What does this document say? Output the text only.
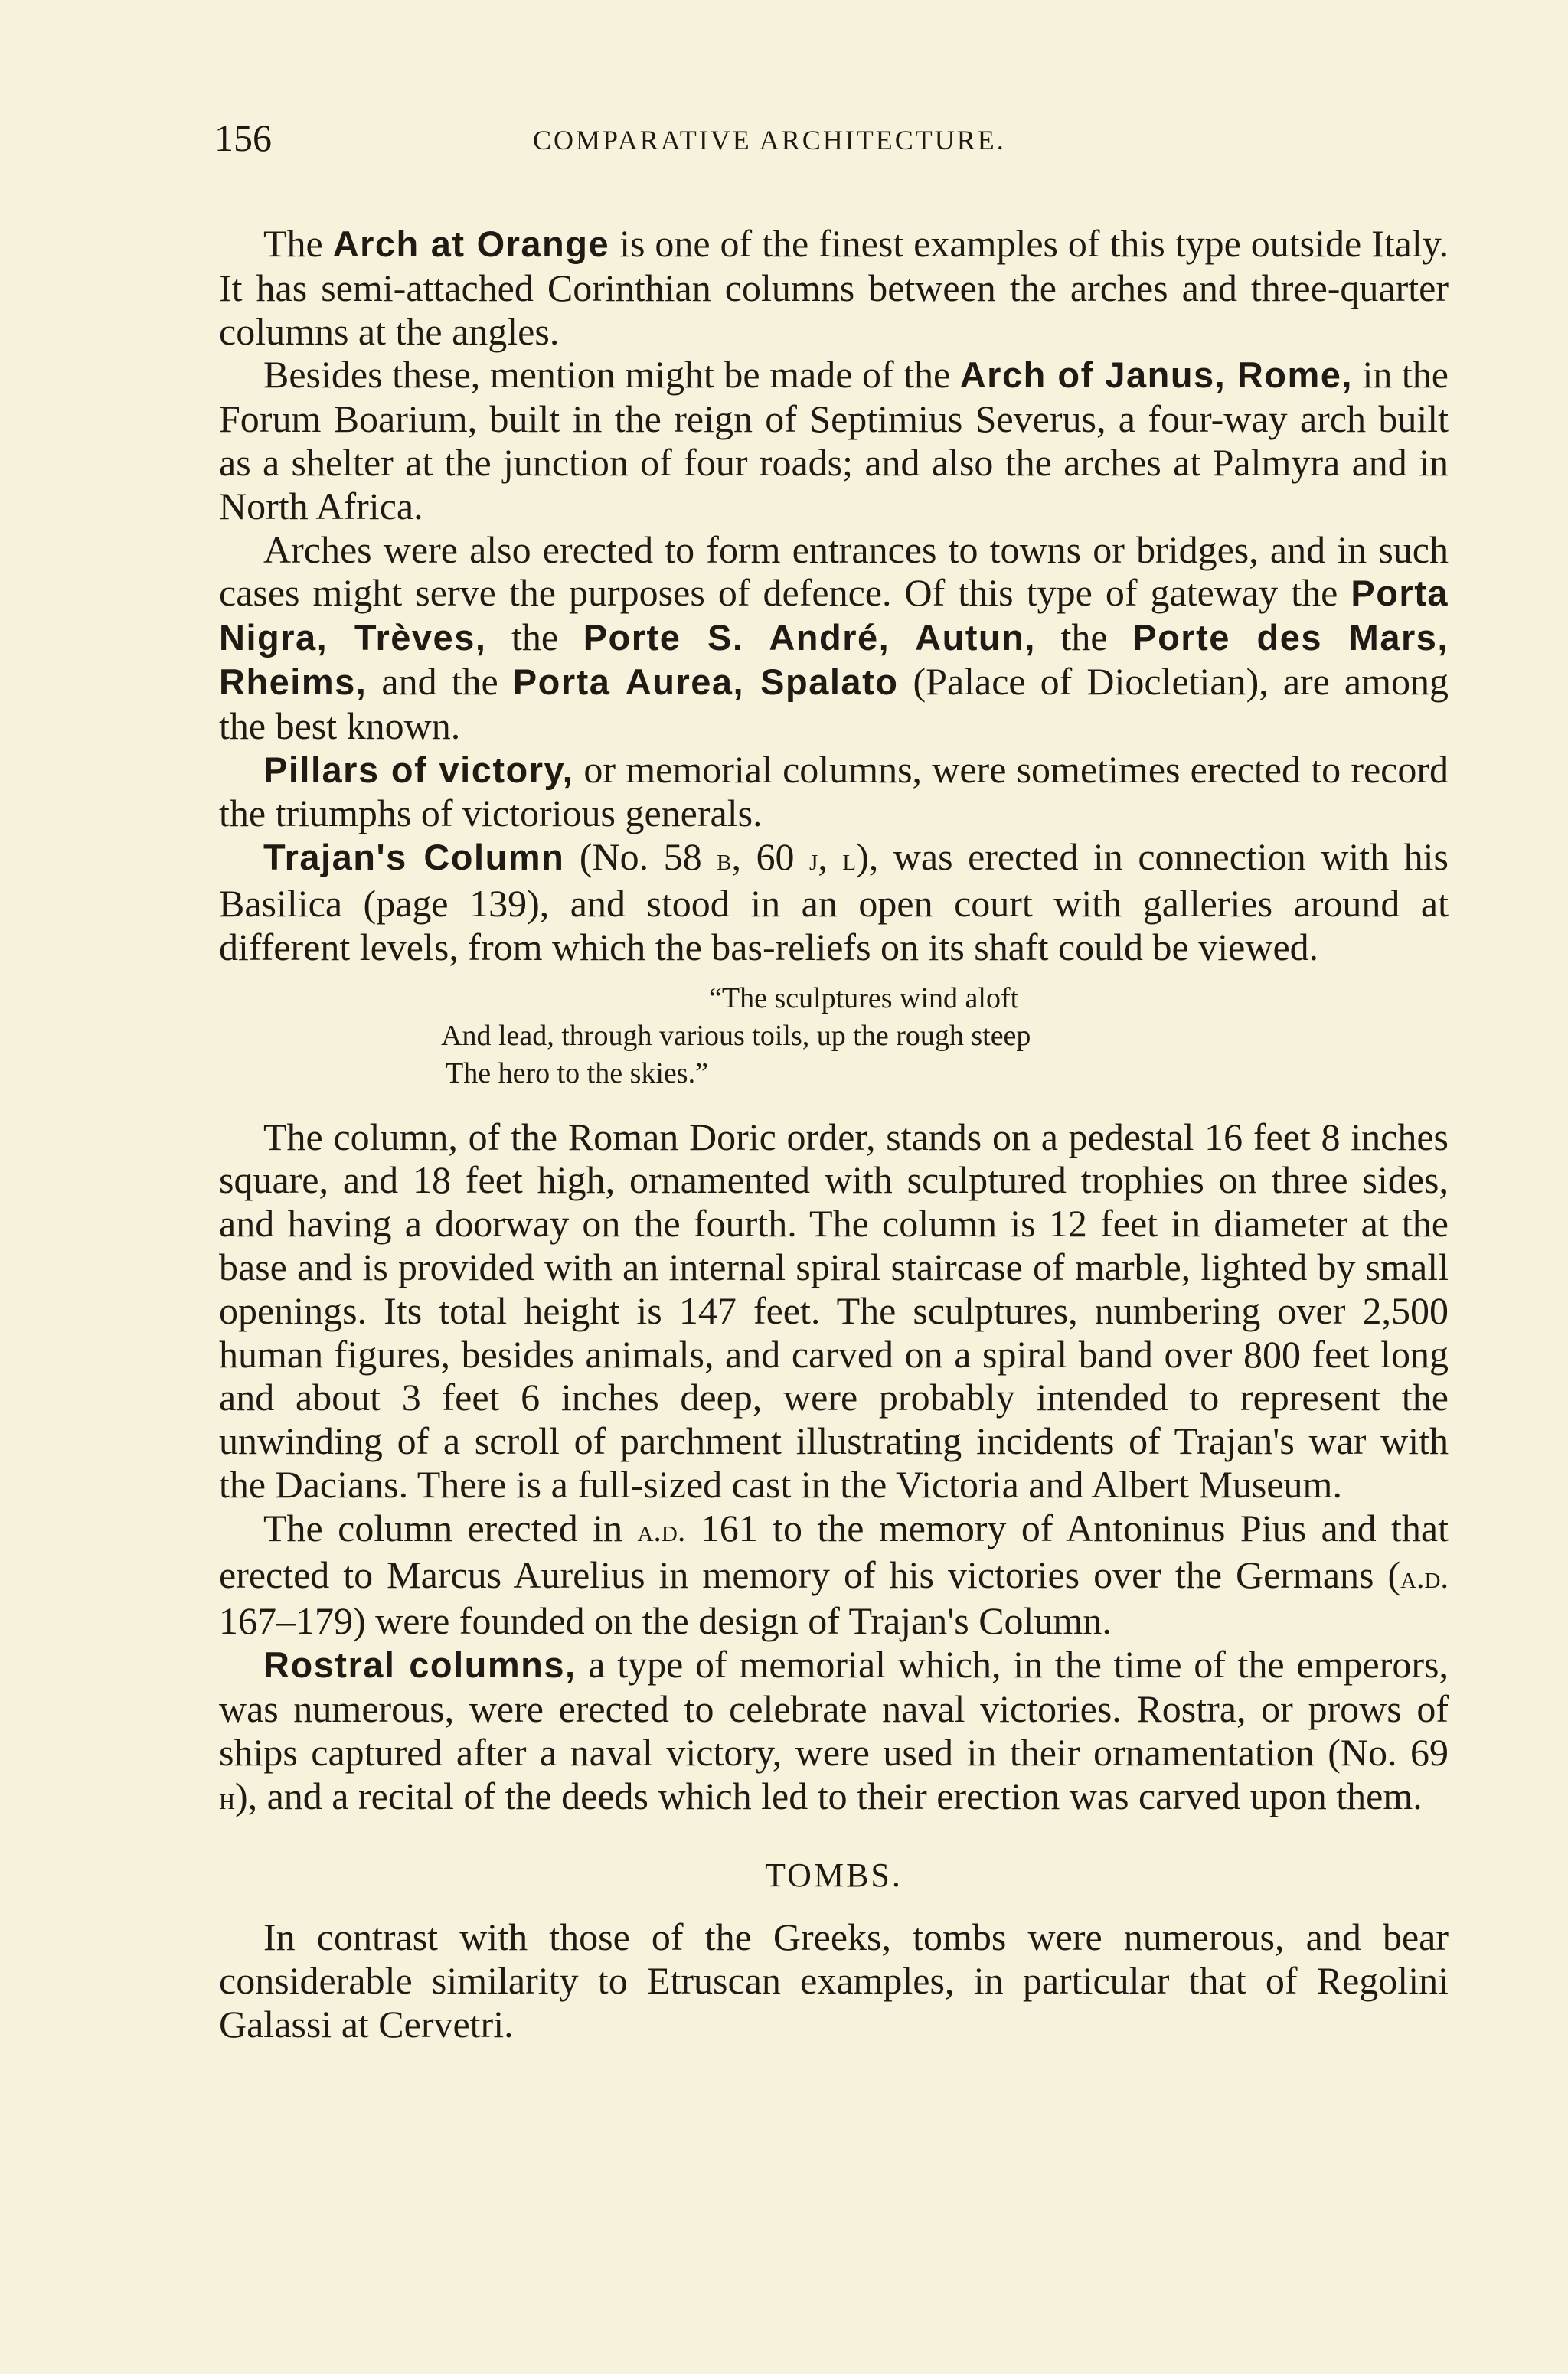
156	COMPARATIVE ARCHITECTURE.

The Arch at Orange is one of the finest examples of this type outside Italy. It has semi-attached Corinthian columns between the arches and three-quarter columns at the angles.

Besides these, mention might be made of the Arch of Janus, Rome, in the Forum Boarium, built in the reign of Septimius Severus, a four-way arch built as a shelter at the junction of four roads; and also the arches at Palmyra and in North Africa.

Arches were also erected to form entrances to towns or bridges, and in such cases might serve the purposes of defence. Of this type of gateway the Porta Nigra, Trèves, the Porte S. André, Autun, the Porte des Mars, Rheims, and the Porta Aurea, Spalato (Palace of Diocletian), are among the best known.

Pillars of victory, or memorial columns, were sometimes erected to record the triumphs of victorious generals.

Trajan's Column (No. 58 b, 60 j, l), was erected in connection with his Basilica (page 139), and stood in an open court with galleries around at different levels, from which the bas-reliefs on its shaft could be viewed.

“The sculptures wind aloft
And lead, through various toils, up the rough steep
The hero to the skies.”

The column, of the Roman Doric order, stands on a pedestal 16 feet 8 inches square, and 18 feet high, ornamented with sculptured trophies on three sides, and having a doorway on the fourth. The column is 12 feet in diameter at the base and is provided with an internal spiral staircase of marble, lighted by small openings. Its total height is 147 feet. The sculptures, numbering over 2,500 human figures, besides animals, and carved on a spiral band over 800 feet long and about 3 feet 6 inches deep, were probably intended to represent the unwinding of a scroll of parchment illustrating incidents of Trajan's war with the Dacians. There is a full-sized cast in the Victoria and Albert Museum.

The column erected in a.d. 161 to the memory of Antoninus Pius and that erected to Marcus Aurelius in memory of his victories over the Germans (a.d. 167–179) were founded on the design of Trajan's Column.

Rostral columns, a type of memorial which, in the time of the emperors, was numerous, were erected to celebrate naval victories. Rostra, or prows of ships captured after a naval victory, were used in their ornamentation (No. 69 h), and a recital of the deeds which led to their erection was carved upon them.

TOMBS.

In contrast with those of the Greeks, tombs were numerous, and bear considerable similarity to Etruscan examples, in particular that of Regolini Galassi at Cervetri.
